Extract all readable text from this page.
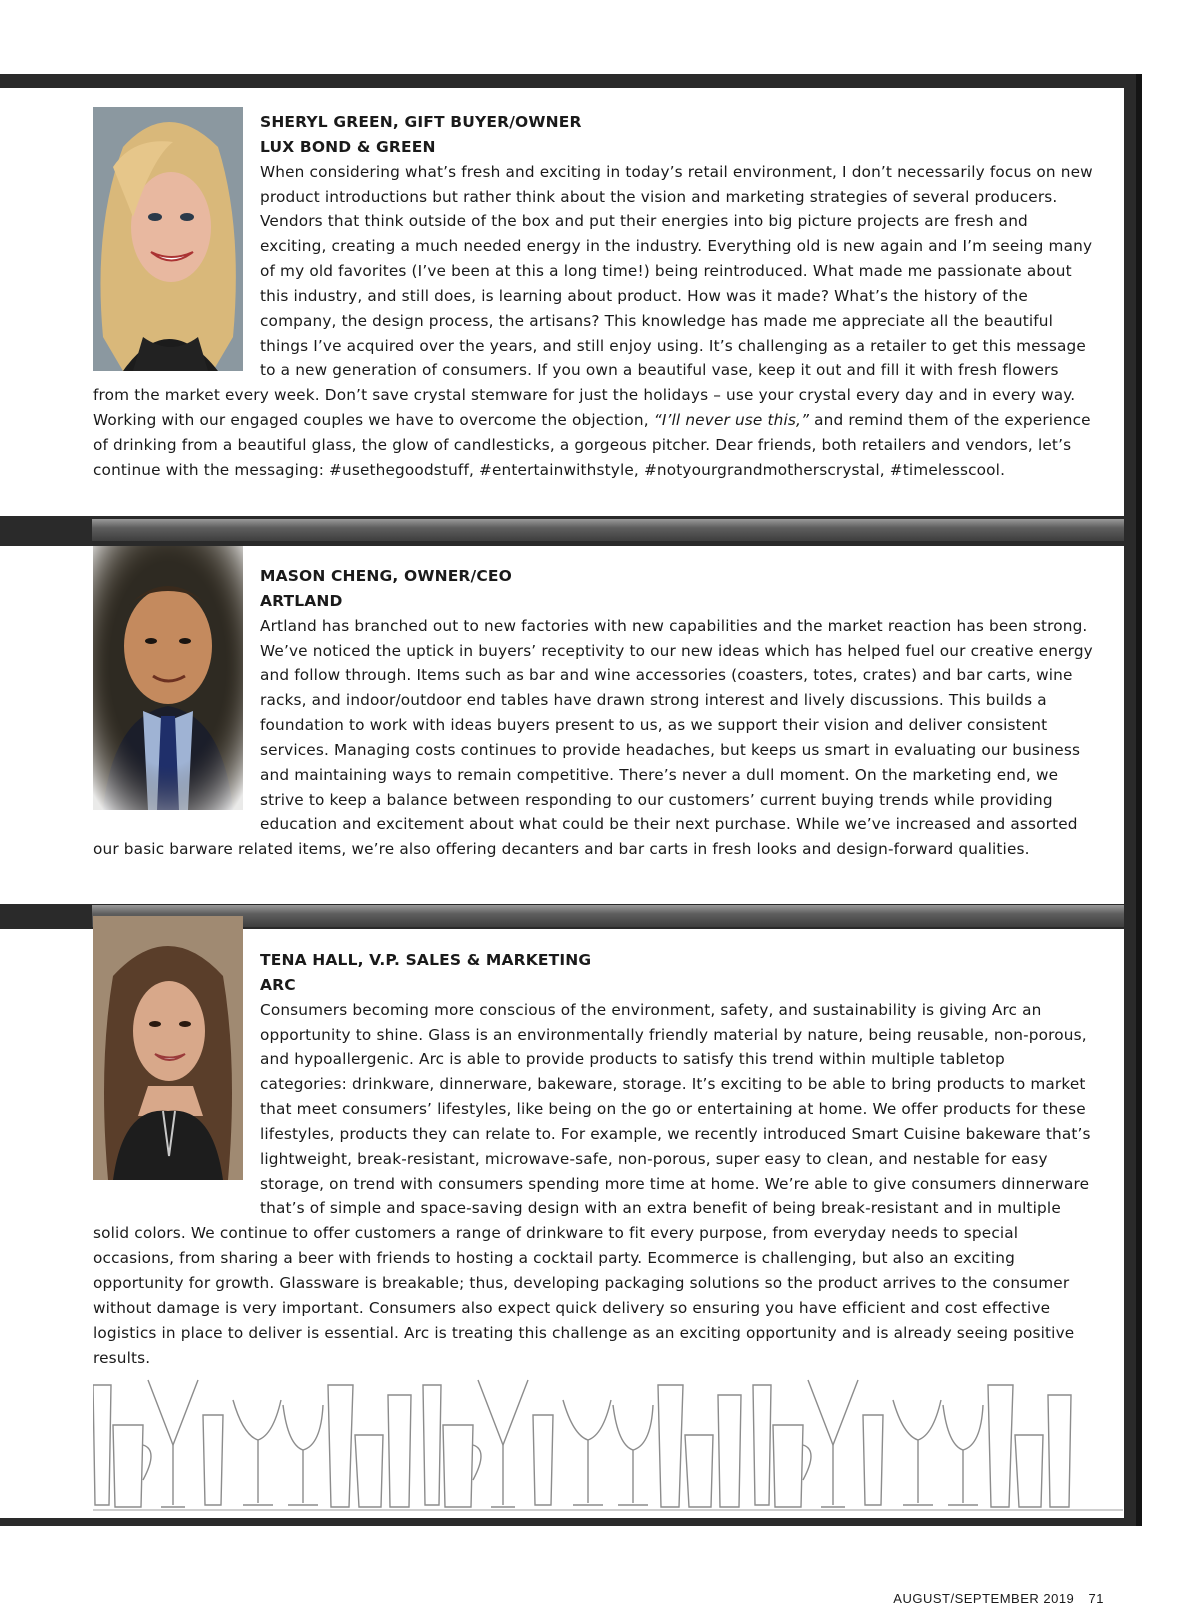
SHERYL GREEN, GIFT BUYER/OWNER
LUX BOND & GREEN

When considering what’s fresh and exciting in today’s retail environment, I don’t necessarily focus on new product introductions but rather think about the vision and marketing strategies of several producers. Vendors that think outside of the box and put their energies into big picture projects are fresh and exciting, creating a much needed energy in the industry. Everything old is new again and I’m seeing many of my old favorites (I’ve been at this a long time!) being reintroduced. What made me passionate about this industry, and still does, is learning about product. How was it made? What’s the history of the company, the design process, the artisans? This knowledge has made me appreciate all the beautiful things I’ve acquired over the years, and still enjoy using. It’s challenging as a retailer to get this message to a new generation of consumers. If you own a beautiful vase, keep it out and fill it with fresh flowers from the market every week. Don’t save crystal stemware for just the holidays – use your crystal every day and in every way. Working with our engaged couples we have to overcome the objection, “I’ll never use this,” and remind them of the experience of drinking from a beautiful glass, the glow of candlesticks, a gorgeous pitcher. Dear friends, both retailers and vendors, let’s continue with the messaging: #usethegoodstuff, #entertainwithstyle, #notyourgrandmotherscrystal, #timelesscool.

MASON CHENG, OWNER/CEO
ARTLAND

Artland has branched out to new factories with new capabilities and the market reaction has been strong. We’ve noticed the uptick in buyers’ receptivity to our new ideas which has helped fuel our creative energy and follow through. Items such as bar and wine accessories (coasters, totes, crates) and bar carts, wine racks, and indoor/outdoor end tables have drawn strong interest and lively discussions. This builds a foundation to work with ideas buyers present to us, as we support their vision and deliver consistent services. Managing costs continues to provide headaches, but keeps us smart in evaluating our business and maintaining ways to remain competitive. There’s never a dull moment. On the marketing end, we strive to keep a balance between responding to our customers’ current buying trends while providing education and excitement about what could be their next purchase. While we’ve increased and assorted our basic barware related items, we’re also offering decanters and bar carts in fresh looks and design-forward qualities.

TENA HALL, V.P. SALES & MARKETING
ARC

Consumers becoming more conscious of the environment, safety, and sustainability is giving Arc an opportunity to shine. Glass is an environmentally friendly material by nature, being reusable, non-porous, and hypoallergenic. Arc is able to provide products to satisfy this trend within multiple tabletop categories: drinkware, dinnerware, bakeware, storage. It’s exciting to be able to bring products to market that meet consumers’ lifestyles, like being on the go or entertaining at home. We offer products for these lifestyles, products they can relate to. For example, we recently introduced Smart Cuisine bakeware that’s lightweight, break-resistant, microwave-safe, non-porous, super easy to clean, and nestable for easy storage, on trend with consumers spending more time at home. We’re able to give consumers dinnerware that’s of simple and space-saving design with an extra benefit of being break-resistant and in multiple solid colors. We continue to offer customers a range of drinkware to fit every purpose, from everyday needs to special occasions, from sharing a beer with friends to hosting a cocktail party. Ecommerce is challenging, but also an exciting opportunity for growth. Glassware is breakable; thus, developing packaging solutions so the product arrives to the consumer without damage is very important. Consumers also expect quick delivery so ensuring you have efficient and cost effective logistics in place to deliver is essential. Arc is treating this challenge as an exciting opportunity and is already seeing positive results.

AUGUST/SEPTEMBER 2019 71
